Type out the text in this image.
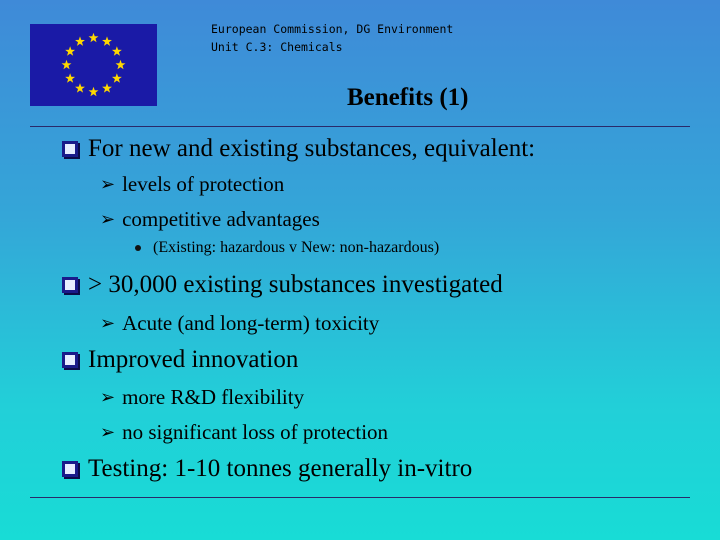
European Commission, DG Environment
Unit C.3: Chemicals
Benefits (1)
For new and existing substances, equivalent:
➢ levels of protection
➢ competitive advantages
(Existing: hazardous v New: non-hazardous)
> 30,000 existing substances investigated
➢ Acute (and long-term) toxicity
Improved innovation
➢ more R&D flexibility
➢ no significant loss of protection
Testing: 1-10 tonnes generally in-vitro
